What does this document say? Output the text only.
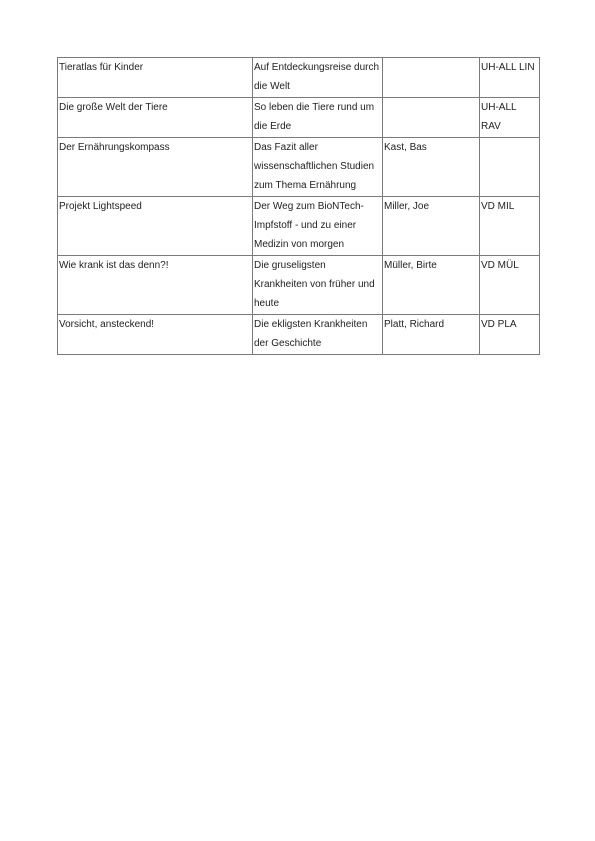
Tieratlas für Kinder	Auf Entdeckungsreise durch die Welt		UH-ALL LIN
Die große Welt der Tiere	So leben die Tiere rund um die Erde		UH-ALL RAV
Der Ernährungskompass	Das Fazit aller wissenschaftlichen Studien zum Thema Ernährung	Kast, Bas	
Projekt Lightspeed	Der Weg zum BioNTech-Impfstoff - und zu einer Medizin von morgen	Miller, Joe	VD MIL
Wie krank ist das denn?!	Die gruseligsten Krankheiten von früher und heute	Müller, Birte	VD MÜL
Vorsicht, ansteckend!	Die ekligsten Krankheiten der Geschichte	Platt, Richard	VD PLA
